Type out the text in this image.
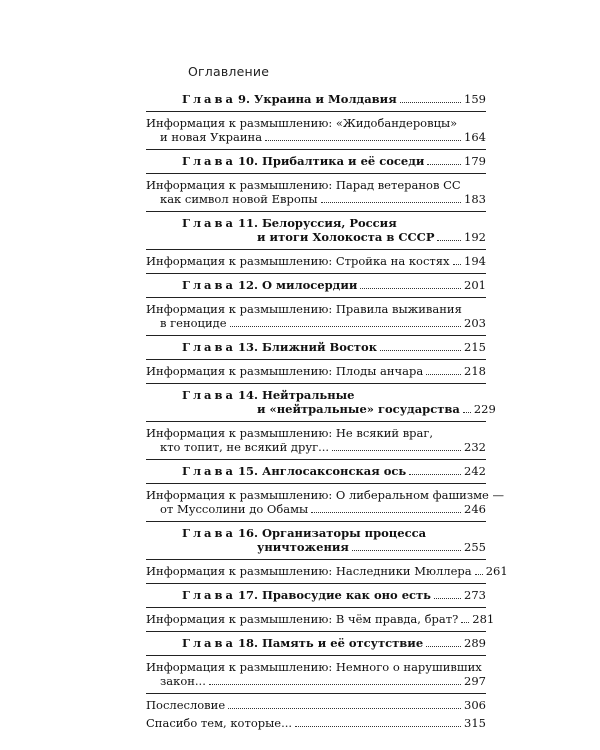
Оглавление
Глава 9. Украина и Молдавия	159
Информация к размышлению: «Жидобандеровцы»
и новая Украина	164
Глава 10. Прибалтика и её соседи	179
Информация к размышлению: Парад ветеранов СС
как символ новой Европы	183
Глава 11. Белоруссия, Россия
и итоги Холокоста в СССР	192
Информация к размышлению: Стройка на костях 194
Глава 12. О милосердии	201
Информация к размышлению: Правила выживания
в геноциде	203
Глава 13. Ближний Восток	215
Информация к размышлению: Плоды анчара	218
Глава 14. Нейтральные
и «нейтральные» государства 229
Информация к размышлению: Не всякий враг,
кто топит, не всякий друг...	232
Глава 15. Англосаксонская ось	242
Информация к размышлению: О либеральном фашизме —
от Муссолини до Обамы	246
Глава 16. Организаторы процесса
уничтожения	255
Информация к размышлению: Наследники Мюллера 261
Глава 17. Правосудие как оно есть	273
Информация к размышлению: В чём правда, брат? 281
Глава 18. Память и её отсутствие	289
Информация к размышлению: Немного о нарушивших
закон...	297
Послесловие	306
Спасибо тем, которые...	315
